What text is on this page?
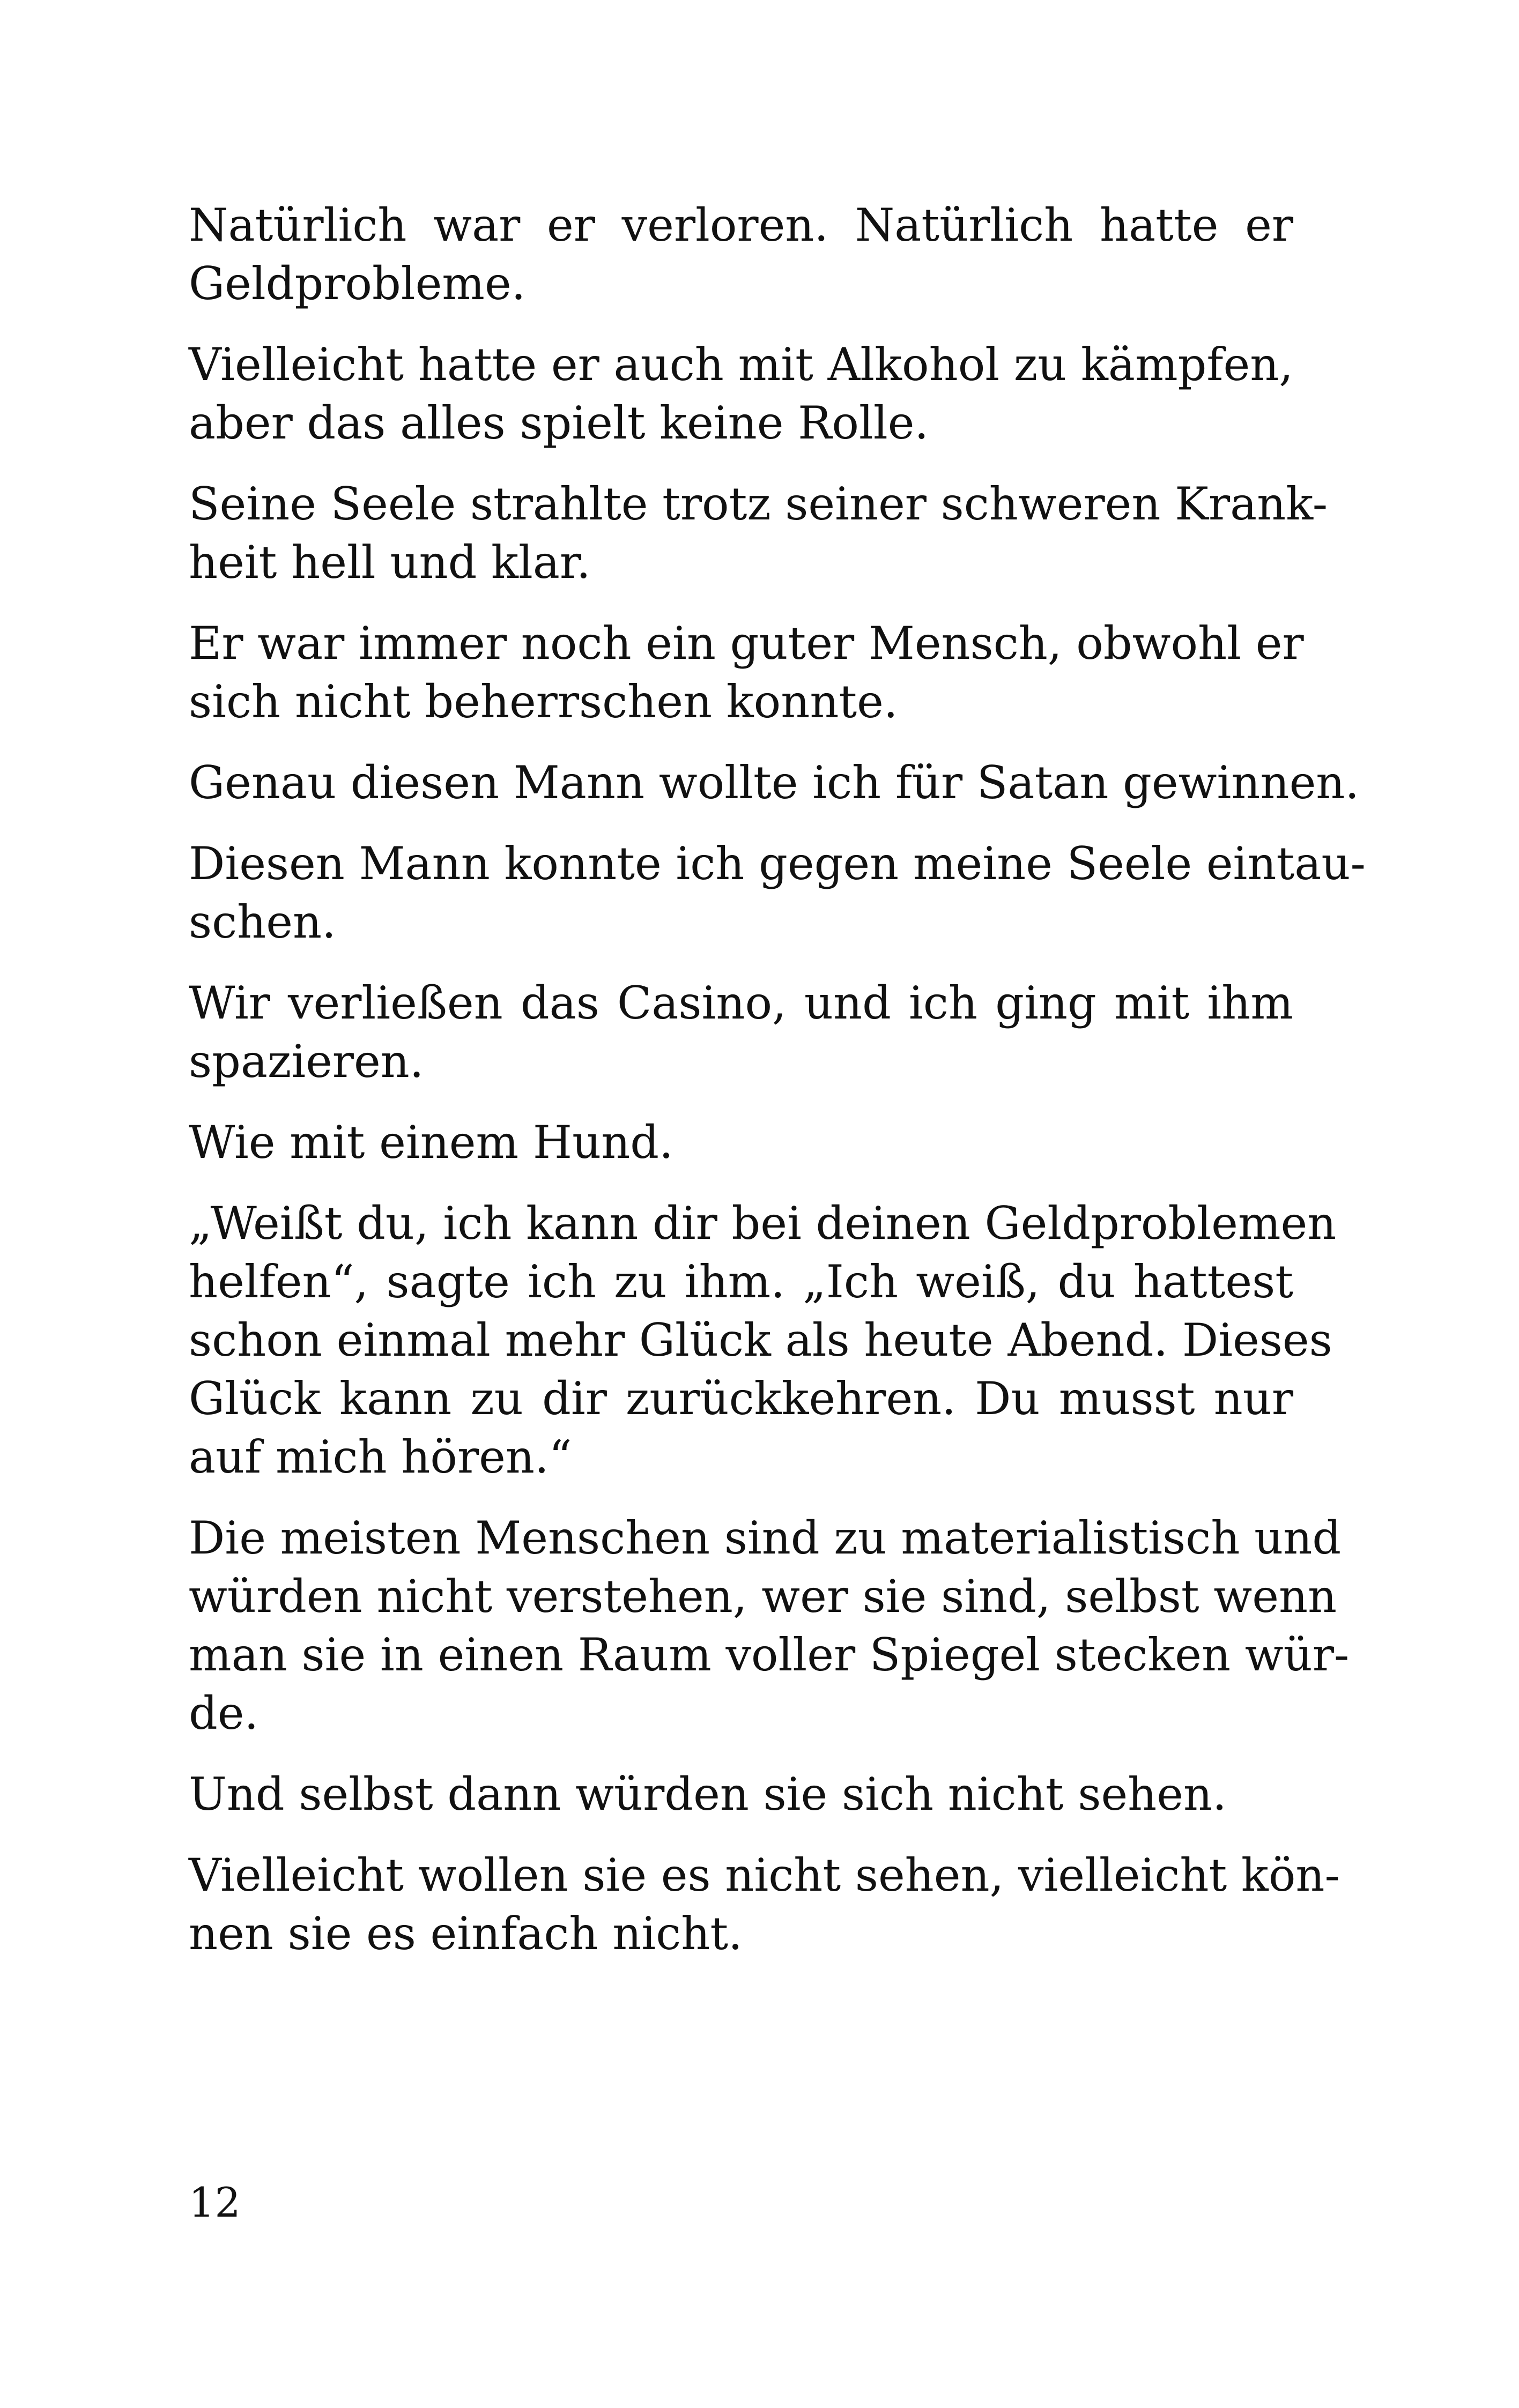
Natürlich war er verloren. Natürlich hatte er
Geldprobleme.

Vielleicht hatte er auch mit Alkohol zu kämpfen,
aber das alles spielt keine Rolle.

Seine Seele strahlte trotz seiner schweren Krank-
heit hell und klar.

Er war immer noch ein guter Mensch, obwohl er
sich nicht beherrschen konnte.

Genau diesen Mann wollte ich für Satan gewinnen.

Diesen Mann konnte ich gegen meine Seele eintau-
schen.

Wir verließen das Casino, und ich ging mit ihm
spazieren.

Wie mit einem Hund.

„Weißt du, ich kann dir bei deinen Geldproblemen
helfen“, sagte ich zu ihm. „Ich weiß, du hattest
schon einmal mehr Glück als heute Abend. Dieses
Glück kann zu dir zurückkehren. Du musst nur
auf mich hören.“

Die meisten Menschen sind zu materialistisch und
würden nicht verstehen, wer sie sind, selbst wenn
man sie in einen Raum voller Spiegel stecken wür-
de.

Und selbst dann würden sie sich nicht sehen.

Vielleicht wollen sie es nicht sehen, vielleicht kön-
nen sie es einfach nicht.

12
